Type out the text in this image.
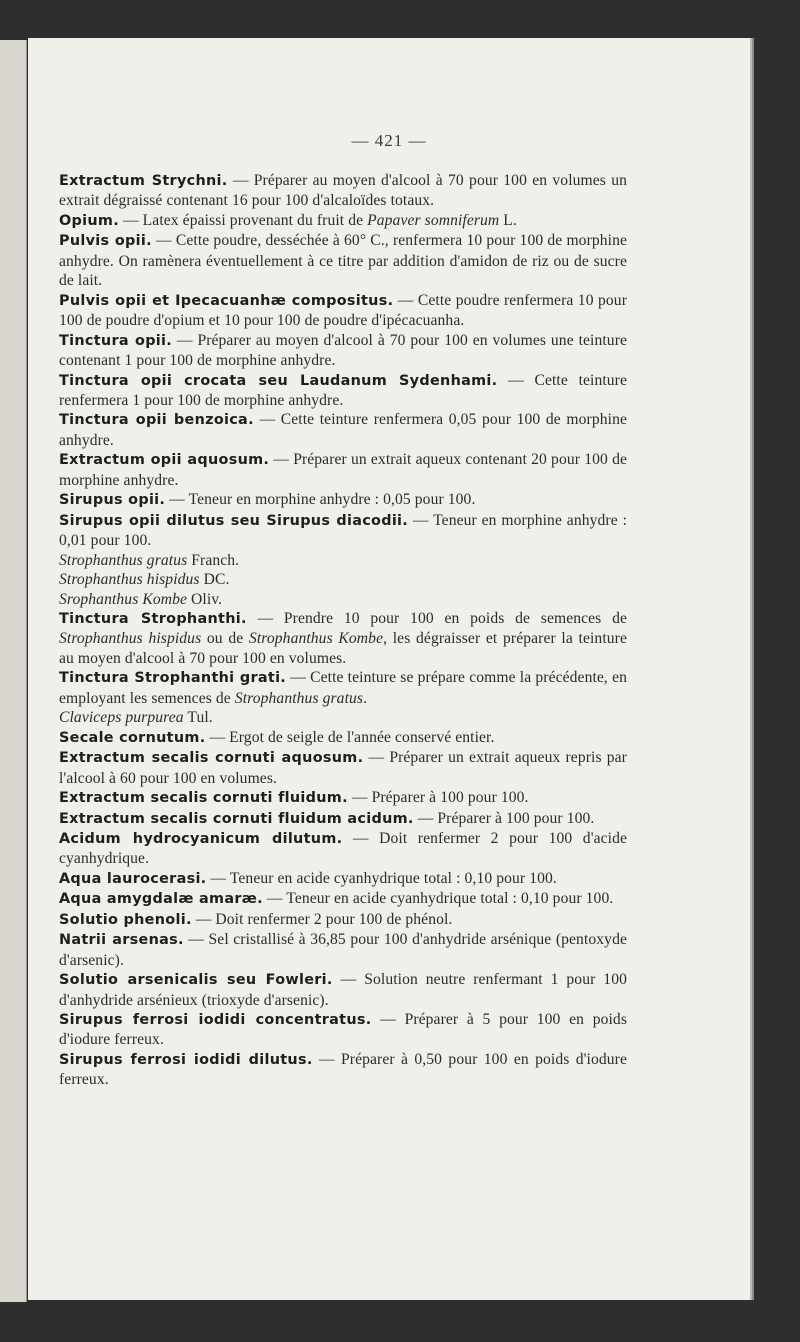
— 421 —

Extractum Strychni. — Préparer au moyen d'alcool à 70 pour 100 en volumes un extrait dégraissé contenant 16 pour 100 d'alcaloïdes totaux.

Opium. — Latex épaissi provenant du fruit de Papaver somniferum L.

Pulvis opii. — Cette poudre, desséchée à 60° C., renfermera 10 pour 100 de morphine anhydre. On ramènera éventuellement à ce titre par addition d'amidon de riz ou de sucre de lait.

Pulvis opii et Ipecacuanhæ compositus. — Cette poudre renfermera 10 pour 100 de poudre d'opium et 10 pour 100 de poudre d'ipécacuanha.

Tinctura opii. — Préparer au moyen d'alcool à 70 pour 100 en volumes une teinture contenant 1 pour 100 de morphine anhydre.

Tinctura opii crocata seu Laudanum Sydenhami. — Cette teinture renfermera 1 pour 100 de morphine anhydre.

Tinctura opii benzoica. — Cette teinture renfermera 0,05 pour 100 de morphine anhydre.

Extractum opii aquosum. — Préparer un extrait aqueux contenant 20 pour 100 de morphine anhydre.

Sirupus opii. — Teneur en morphine anhydre : 0,05 pour 100.

Sirupus opii dilutus seu Sirupus diacodii. — Teneur en morphine anhydre : 0,01 pour 100.

Strophanthus gratus Franch.

Strophanthus hispidus DC.

Srophanthus Kombe Oliv.

Tinctura Strophanthi. — Prendre 10 pour 100 en poids de semences de Strophanthus hispidus ou de Strophanthus Kombe, les dégraisser et préparer la teinture au moyen d'alcool à 70 pour 100 en volumes.

Tinctura Strophanthi grati. — Cette teinture se prépare comme la précédente, en employant les semences de Strophanthus gratus.

Claviceps purpurea Tul.

Secale cornutum. — Ergot de seigle de l'année conservé entier.

Extractum secalis cornuti aquosum. — Préparer un extrait aqueux repris par l'alcool à 60 pour 100 en volumes.

Extractum secalis cornuti fluidum. — Préparer à 100 pour 100.

Extractum secalis cornuti fluidum acidum. — Préparer à 100 pour 100.

Acidum hydrocyanicum dilutum. — Doit renfermer 2 pour 100 d'acide cyanhydrique.

Aqua laurocerasi. — Teneur en acide cyanhydrique total : 0,10 pour 100.

Aqua amygdalæ amaræ. — Teneur en acide cyanhydrique total : 0,10 pour 100.

Solutio phenoli. — Doit renfermer 2 pour 100 de phénol.

Natrii arsenas. — Sel cristallisé à 36,85 pour 100 d'anhydride arsénique (pentoxyde d'arsenic).

Solutio arsenicalis seu Fowleri. — Solution neutre renfermant 1 pour 100 d'anhydride arsénieux (trioxyde d'arsenic).

Sirupus ferrosi iodidi concentratus. — Préparer à 5 pour 100 en poids d'iodure ferreux.

Sirupus ferrosi iodidi dilutus. — Préparer à 0,50 pour 100 en poids d'iodure ferreux.
